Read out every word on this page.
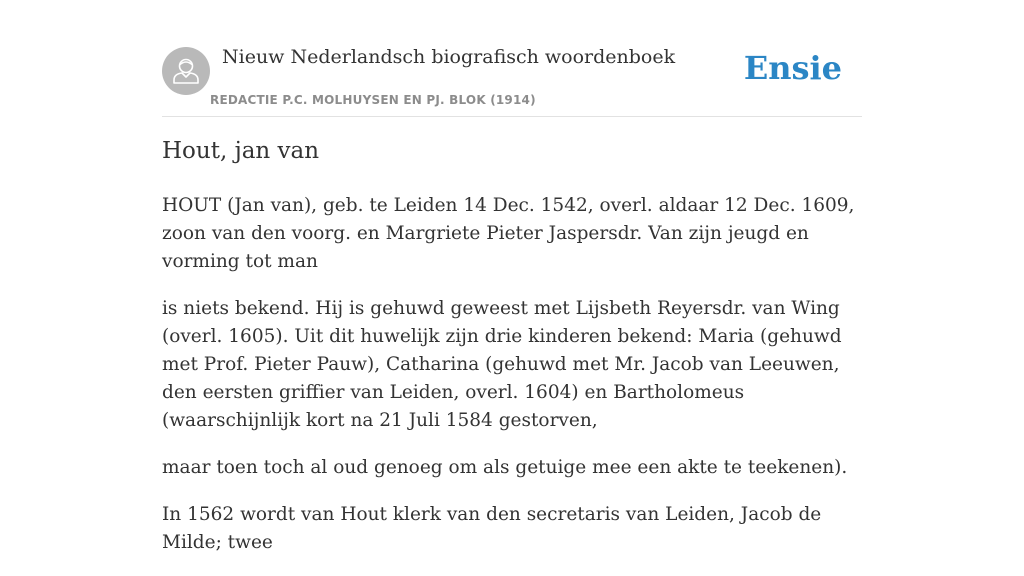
Nieuw Nederlandsch biografisch woordenboek
REDACTIE P.C. MOLHUYSEN EN PJ. BLOK (1914)
Ensie
Hout, jan van

HOUT (Jan van), geb. te Leiden 14 Dec. 1542, overl. aldaar 12 Dec. 1609, zoon van den voorg. en Margriete Pieter Jaspersdr. Van zijn jeugd en vorming tot man

is niets bekend. Hij is gehuwd geweest met Lijsbeth Reyersdr. van Wing (overl. 1605). Uit dit huwelijk zijn drie kinderen bekend: Maria (gehuwd met Prof. Pieter Pauw), Catharina (gehuwd met Mr. Jacob van Leeuwen, den eersten griffier van Leiden, overl. 1604) en Bartholomeus (waarschijnlijk kort na 21 Juli 1584 gestorven,

maar toen toch al oud genoeg om als getuige mee een akte te teekenen).

In 1562 wordt van Hout klerk van den secretaris van Leiden, Jacob de Milde; twee
